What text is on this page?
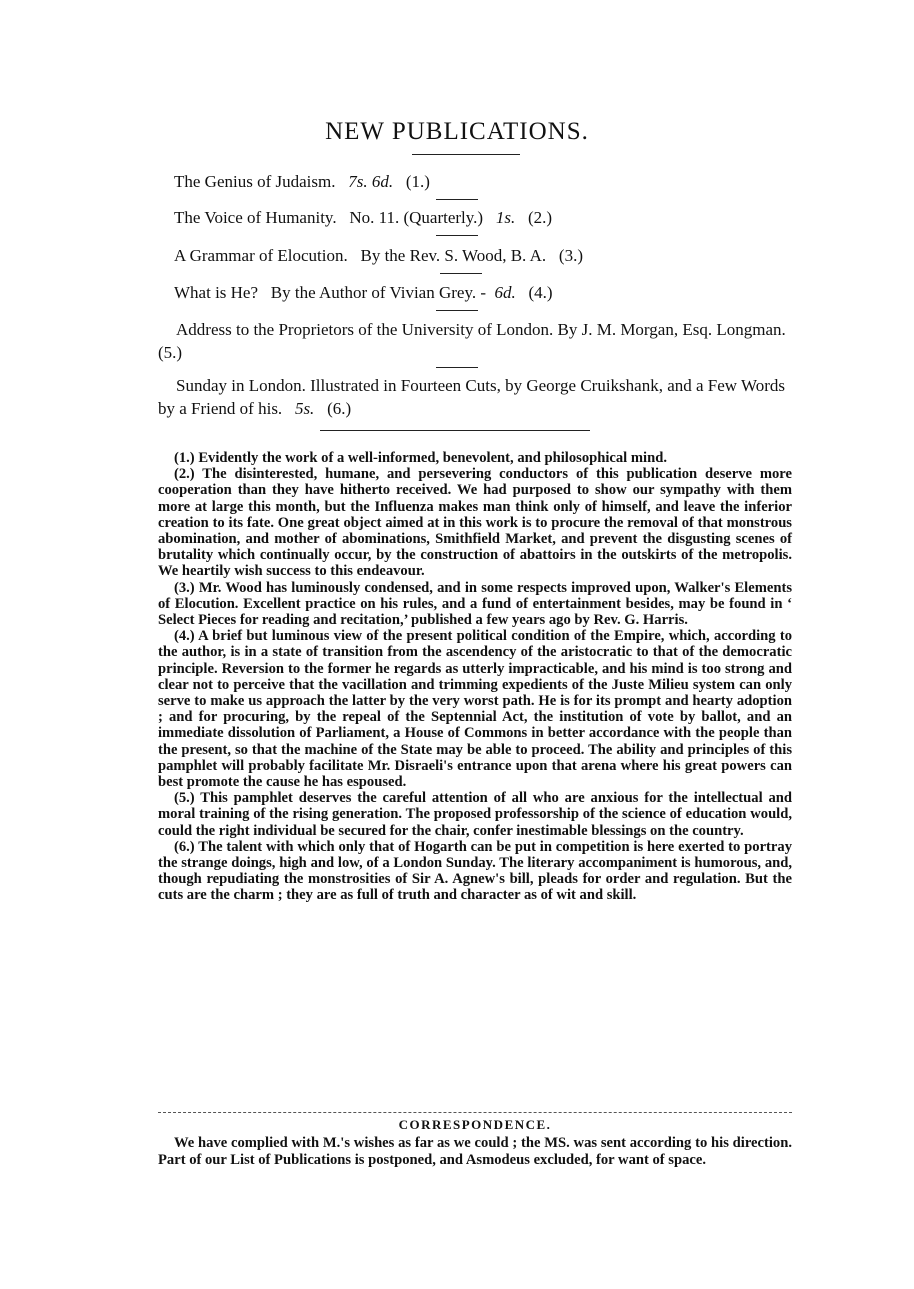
NEW PUBLICATIONS.
The Genius of Judaism. 7s. 6d. (1.)
The Voice of Humanity. No. 11. (Quarterly.) 1s. (2.)
A Grammar of Elocution. By the Rev. S. Wood, B. A. (3.)
What is He? By the Author of Vivian Grey. - 6d. (4.)
Address to the Proprietors of the University of London. By J. M. Morgan, Esq. Longman. (5.)
Sunday in London. Illustrated in Fourteen Cuts, by George Cruikshank, and a Few Words by a Friend of his. 5s. (6.)

(1.) Evidently the work of a well-informed, benevolent, and philosophical mind.

(2.) The disinterested, humane, and persevering conductors of this publication deserve more cooperation than they have hitherto received. We had purposed to show our sympathy with them more at large this month, but the Influenza makes man think only of himself, and leave the inferior creation to its fate. One great object aimed at in this work is to procure the removal of that monstrous abomination, and mother of abominations, Smithfield Market, and prevent the disgusting scenes of brutality which continually occur, by the construction of abattoirs in the outskirts of the metropolis. We heartily wish success to this endeavour.

(3.) Mr. Wood has luminously condensed, and in some respects improved upon, Walker's Elements of Elocution. Excellent practice on his rules, and a fund of entertainment besides, may be found in ‘ Select Pieces for reading and recitation,’ published a few years ago by Rev. G. Harris.

(4.) A brief but luminous view of the present political condition of the Empire, which, according to the author, is in a state of transition from the ascendency of the aristocratic to that of the democratic principle. Reversion to the former he regards as utterly impracticable, and his mind is too strong and clear not to perceive that the vacillation and trimming expedients of the Juste Milieu system can only serve to make us approach the latter by the very worst path. He is for its prompt and hearty adoption ; and for procuring, by the repeal of the Septennial Act, the institution of vote by ballot, and an immediate dissolution of Parliament, a House of Commons in better accordance with the people than the present, so that the machine of the State may be able to proceed. The ability and principles of this pamphlet will probably facilitate Mr. Disraeli's entrance upon that arena where his great powers can best promote the cause he has espoused.

(5.) This pamphlet deserves the careful attention of all who are anxious for the intellectual and moral training of the rising generation. The proposed professorship of the science of education would, could the right individual be secured for the chair, confer inestimable blessings on the country.

(6.) The talent with which only that of Hogarth can be put in competition is here exerted to portray the strange doings, high and low, of a London Sunday. The literary accompaniment is humorous, and, though repudiating the monstrosities of Sir A. Agnew's bill, pleads for order and regulation. But the cuts are the charm ; they are as full of truth and character as of wit and skill.

CORRESPONDENCE.

We have complied with M.'s wishes as far as we could ; the MS. was sent according to his direction. Part of our List of Publications is postponed, and Asmodeus excluded, for want of space.
